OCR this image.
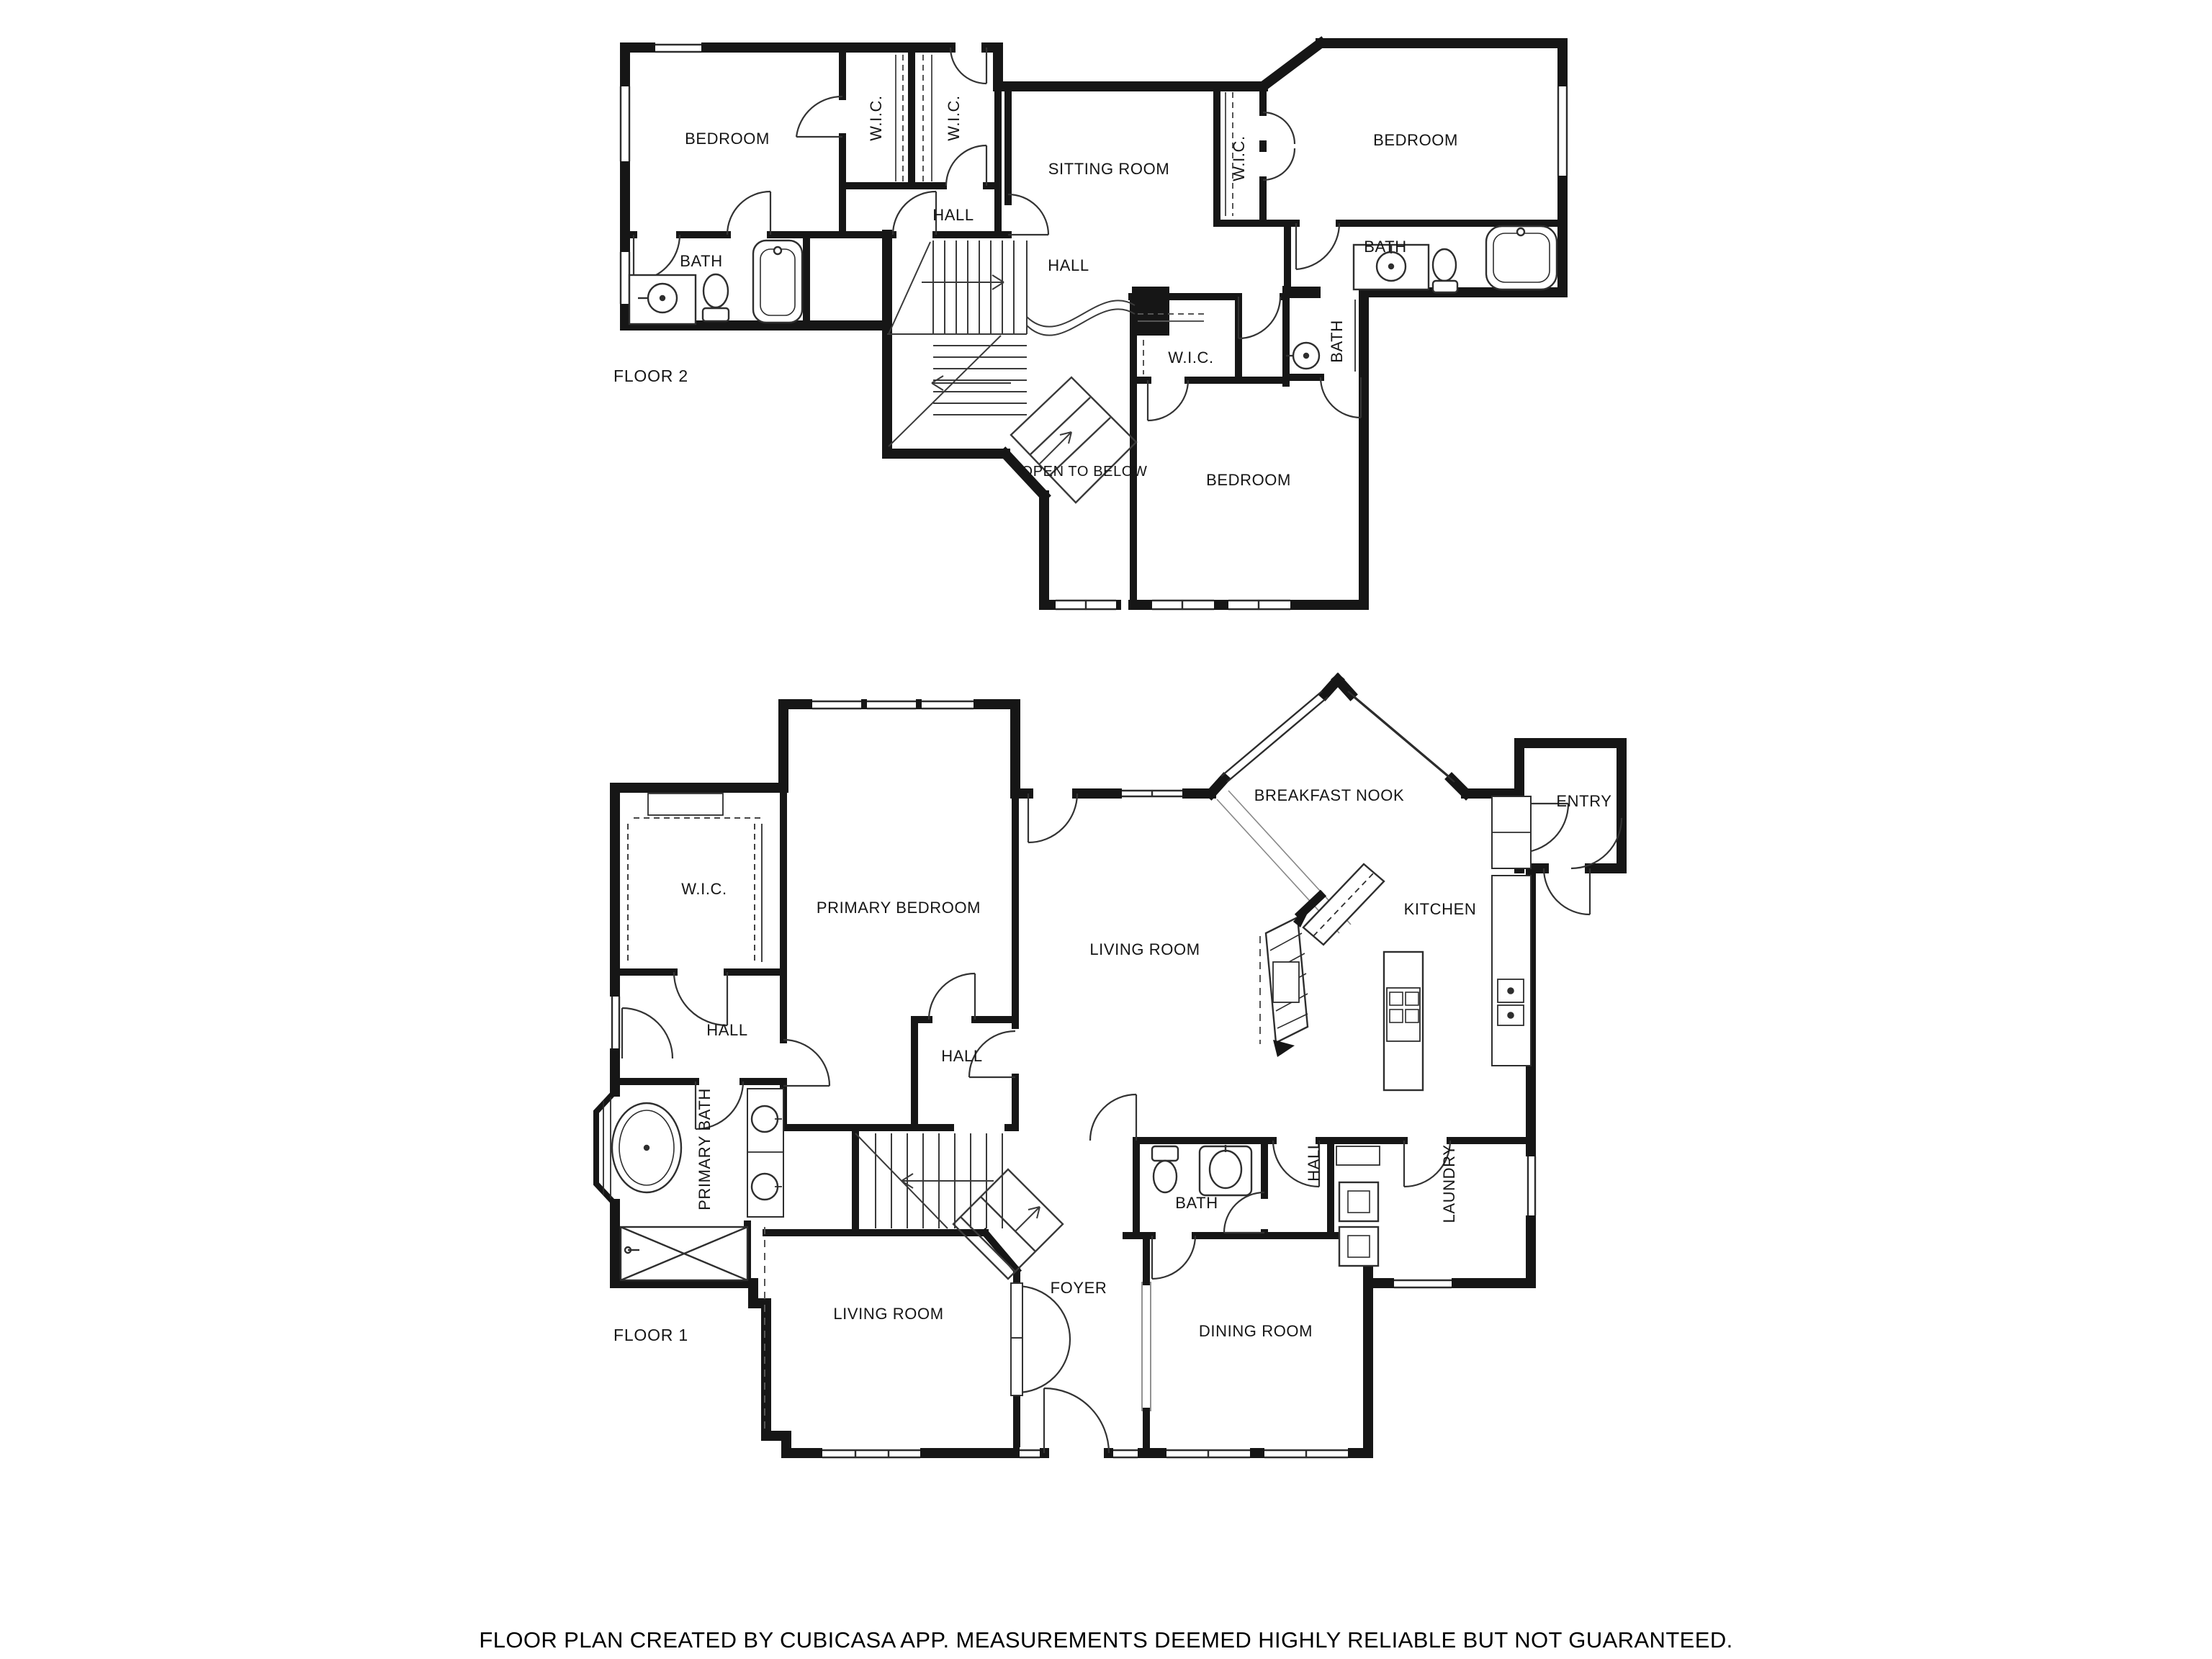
BEDROOM	W.I.C.	W.I.C.
SITTING ROOM	W.I.C.	BEDROOM
BATH
HALL
HALL
BATH
BATH
W.I.C.
OPEN TO BELOW	BEDROOM
FLOOR 2
W.I.C.
PRIMARY BEDROOM
BREAKFAST NOOK	ENTRY
KITCHEN
LIVING ROOM
HALL
HALL
PRIMARY BATH	BATH
HALL	LAUNDRY
LIVING ROOM
FOYER
DINING ROOM
FLOOR 1
FLOOR PLAN CREATED BY CUBICASA APP. MEASUREMENTS DEEMED HIGHLY RELIABLE BUT NOT GUARANTEED.
